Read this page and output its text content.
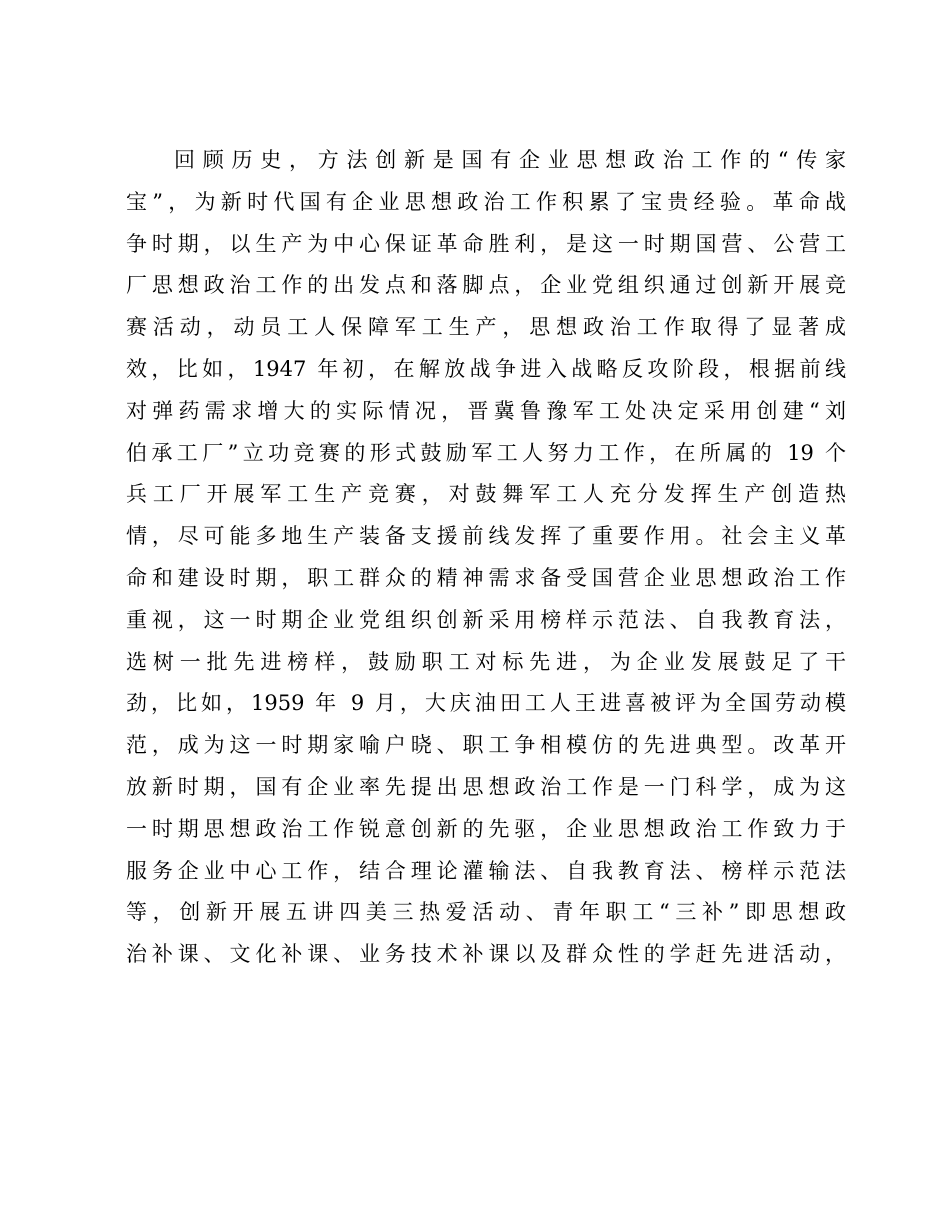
回顾历史，方法创新是国有企业思想政治工作的“传家
宝”，为新时代国有企业思想政治工作积累了宝贵经验。革命战
争时期，以生产为中心保证革命胜利，是这一时期国营、公营工
厂思想政治工作的出发点和落脚点，企业党组织通过创新开展竞
赛活动，动员工人保障军工生产，思想政治工作取得了显著成
效，比如，1947 年初，在解放战争进入战略反攻阶段，根据前线
对弹药需求增大的实际情况，晋冀鲁豫军工处决定采用创建“刘
伯承工厂”立功竞赛的形式鼓励军工人努力工作，在所属的 19 个
兵工厂开展军工生产竞赛，对鼓舞军工人充分发挥生产创造热
情，尽可能多地生产装备支援前线发挥了重要作用。社会主义革
命和建设时期，职工群众的精神需求备受国营企业思想政治工作
重视，这一时期企业党组织创新采用榜样示范法、自我教育法，
选树一批先进榜样，鼓励职工对标先进，为企业发展鼓足了干
劲，比如，1959 年 9 月，大庆油田工人王进喜被评为全国劳动模
范，成为这一时期家喻户晓、职工争相模仿的先进典型。改革开
放新时期，国有企业率先提出思想政治工作是一门科学，成为这
一时期思想政治工作锐意创新的先驱，企业思想政治工作致力于
服务企业中心工作，结合理论灌输法、自我教育法、榜样示范法
等，创新开展五讲四美三热爱活动、青年职工“三补”即思想政
治补课、文化补课、业务技术补课以及群众性的学赶先进活动，
